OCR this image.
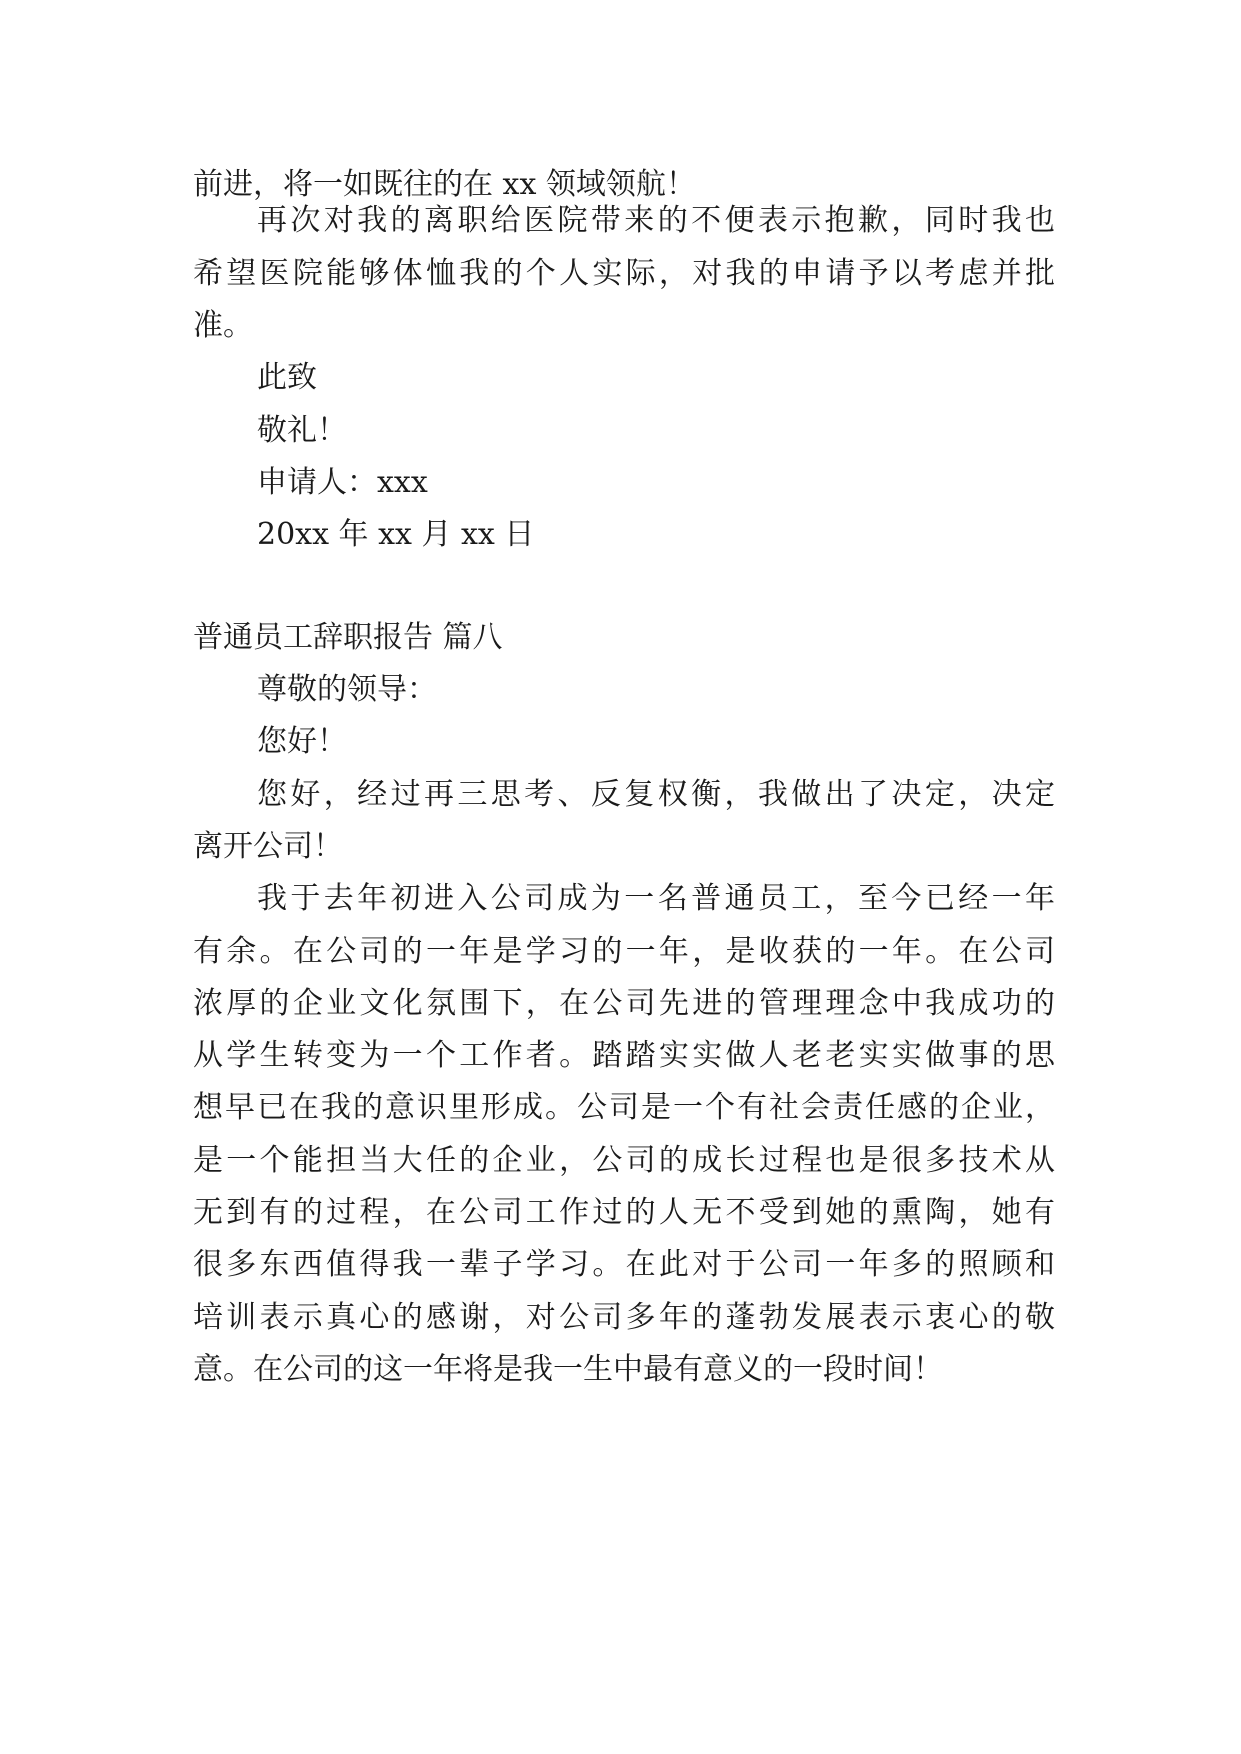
前进，将一如既往的在 xx 领域领航！
再次对我的离职给医院带来的不便表示抱歉，同时我也
希望医院能够体恤我的个人实际，对我的申请予以考虑并批
准。
此致
敬礼！
申请人：xxx
20xx 年 xx 月 xx 日
普通员工辞职报告 篇八
尊敬的领导：
您好！
您好，经过再三思考、反复权衡，我做出了决定，决定
离开公司！
我于去年初进入公司成为一名普通员工，至今已经一年
有余。在公司的一年是学习的一年，是收获的一年。在公司
浓厚的企业文化氛围下，在公司先进的管理理念中我成功的
从学生转变为一个工作者。踏踏实实做人老老实实做事的思
想早已在我的意识里形成。公司是一个有社会责任感的企业，
是一个能担当大任的企业，公司的成长过程也是很多技术从
无到有的过程，在公司工作过的人无不受到她的熏陶，她有
很多东西值得我一辈子学习。在此对于公司一年多的照顾和
培训表示真心的感谢，对公司多年的蓬勃发展表示衷心的敬
意。在公司的这一年将是我一生中最有意义的一段时间！
